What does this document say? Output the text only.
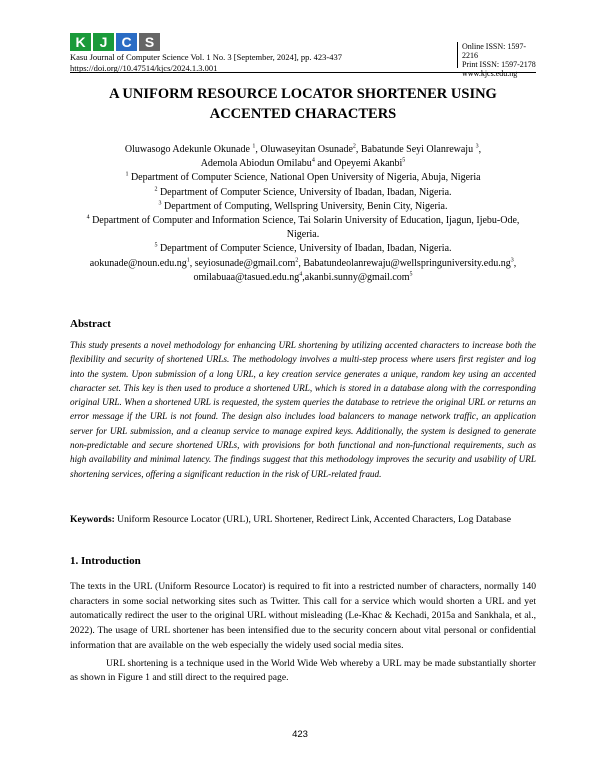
K	J	C S
Kasu Journal of Computer Science Vol. 1 No. 3 [September, 2024], pp. 423-437
https://doi.org//10.47514/kjcs/2024.1.3.001
Online ISSN: 1597-2216
Print ISSN: 1597-2178
www.kjcs.edu.ng
A UNIFORM RESOURCE LOCATOR SHORTENER USING
ACCENTED CHARACTERS
Oluwasogo Adekunle Okunade $^1$, Oluwaseyitan Osunade$^2$, Babatunde Seyi Olanrewaju $^3$,
Ademola Abiodun Omilabu$^4$ and Opeyemi Akanbi$^5$
$^1$ Department of Computer Science, National Open University of Nigeria, Abuja, Nigeria
$^2$ Department of Computer Science, University of Ibadan, Ibadan, Nigeria.
$^3$ Department of Computing, Wellspring University, Benin City, Nigeria.
$^4$ Department of Computer and Information Science, Tai Solarin University of Education, Ijagun, Ijebu-Ode,
Nigeria.
$^5$ Department of Computer Science, University of Ibadan, Ibadan, Nigeria.
$aokunade@noun.edu.ng^1$, seyiosunade@gmail.com$^2$, $Babatundeolanrewaju@wellspringuniversity.edu.ng^3$,
$omilabuaa@tasued.edu.ng^4,akanbi.sunny@gmail.com^5$
Abstract

This study presents a novel methodology for enhancing URL shortening by utilizing accented characters to increase both the flexibility and security of shortened URLs. The methodology involves a multi-step process where users first register and log into the system. Upon submission of a long URL, a key creation service generates a unique, random key using an accented character set. This key is then used to produce a shortened URL, which is stored in a database along with the corresponding original URL. When a shortened URL is requested, the system queries the database to retrieve the original URL or returns an error message if the URL is not found. The design also includes load balancers to manage network traffic, an application server for URL submission, and a cleanup service to manage expired keys. Additionally, the system is designed to generate non-predictable and secure shortened URLs, with provisions for both functional and non-functional requirements, such as high availability and minimal latency. The findings suggest that this methodology improves the security and usability of URL shortening services, offering a significant reduction in the risk of URL-related fraud.

Keywords: Uniform Resource Locator (URL), URL Shortener, Redirect Link, Accented Characters, Log Database
1. Introduction

The texts in the URL (Uniform Resource Locator) is required to fit into a restricted number of characters, normally 140 characters in some social networking sites such as Twitter. This call for a service which would shorten a URL and yet automatically redirect the user to the original URL without misleading (Le-Khac & Kechadi, 2015a and Sankhala, et al., 2022). The usage of URL shortener has been intensified due to the security concern about vital personal or confidential information that are available on the web especially the widely used social media sites.

URL shortening is a technique used in the World Wide Web whereby a URL may be made substantially shorter as shown in Figure 1 and still direct to the required page.

423
